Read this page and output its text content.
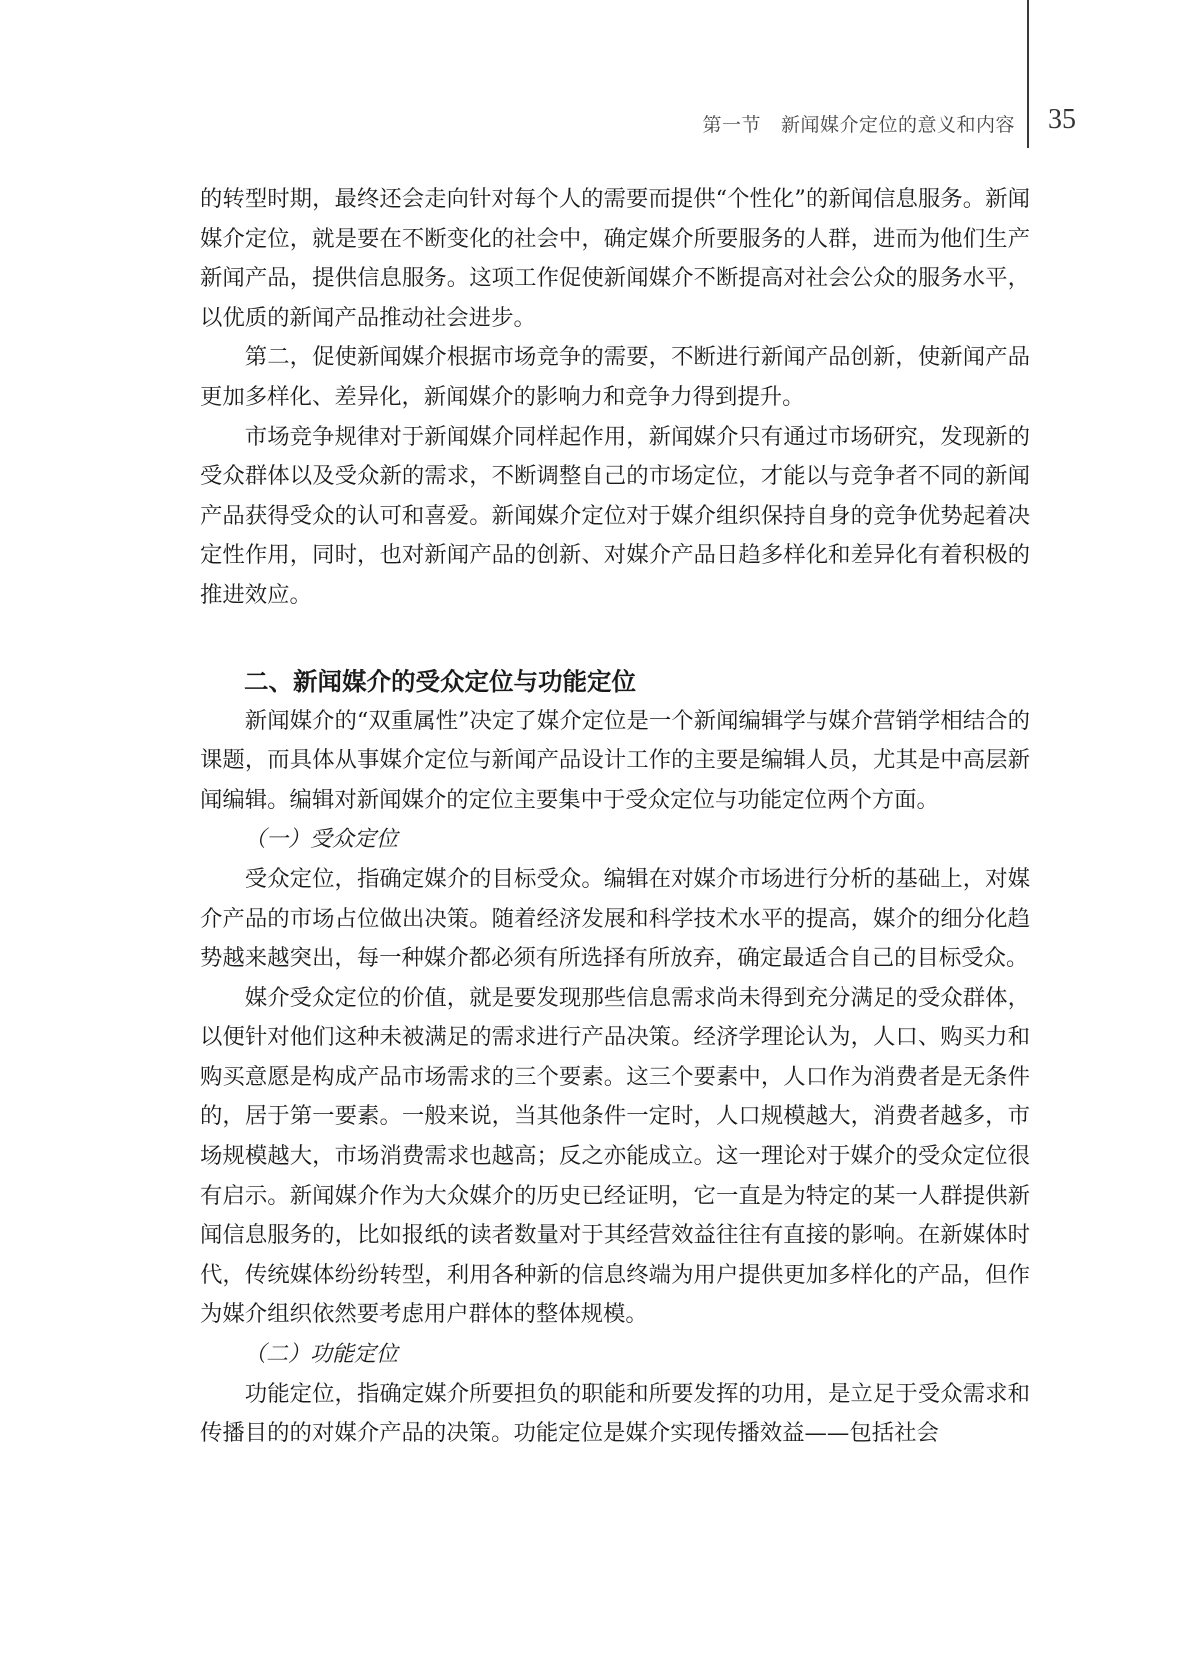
第一节 新闻媒介定位的意义和内容 35

的转型时期，最终还会走向针对每个人的需要而提供“个性化”的新闻信息服务。新闻媒介定位，就是要在不断变化的社会中，确定媒介所要服务的人群，进而为他们生产新闻产品，提供信息服务。这项工作促使新闻媒介不断提高对社会公众的服务水平，以优质的新闻产品推动社会进步。

第二，促使新闻媒介根据市场竞争的需要，不断进行新闻产品创新，使新闻产品更加多样化、差异化，新闻媒介的影响力和竞争力得到提升。

市场竞争规律对于新闻媒介同样起作用，新闻媒介只有通过市场研究，发现新的受众群体以及受众新的需求，不断调整自己的市场定位，才能以与竞争者不同的新闻产品获得受众的认可和喜爱。新闻媒介定位对于媒介组织保持自身的竞争优势起着决定性作用，同时，也对新闻产品的创新、对媒介产品日趋多样化和差异化有着积极的推进效应。

二、新闻媒介的受众定位与功能定位

新闻媒介的“双重属性”决定了媒介定位是一个新闻编辑学与媒介营销学相结合的课题，而具体从事媒介定位与新闻产品设计工作的主要是编辑人员，尤其是中高层新闻编辑。编辑对新闻媒介的定位主要集中于受众定位与功能定位两个方面。

（一）受众定位

受众定位，指确定媒介的目标受众。编辑在对媒介市场进行分析的基础上，对媒介产品的市场占位做出决策。随着经济发展和科学技术水平的提高，媒介的细分化趋势越来越突出，每一种媒介都必须有所选择有所放弃，确定最适合自己的目标受众。

媒介受众定位的价值，就是要发现那些信息需求尚未得到充分满足的受众群体，以便针对他们这种未被满足的需求进行产品决策。经济学理论认为，人口、购买力和购买意愿是构成产品市场需求的三个要素。这三个要素中，人口作为消费者是无条件的，居于第一要素。一般来说，当其他条件一定时，人口规模越大，消费者越多，市场规模越大，市场消费需求也越高；反之亦能成立。这一理论对于媒介的受众定位很有启示。新闻媒介作为大众媒介的历史已经证明，它一直是为特定的某一人群提供新闻信息服务的，比如报纸的读者数量对于其经营效益往往有直接的影响。在新媒体时代，传统媒体纷纷转型，利用各种新的信息终端为用户提供更加多样化的产品，但作为媒介组织依然要考虑用户群体的整体规模。

（二）功能定位

功能定位，指确定媒介所要担负的职能和所要发挥的功用，是立足于受众需求和传播目的的对媒介产品的决策。功能定位是媒介实现传播效益——包括社会
